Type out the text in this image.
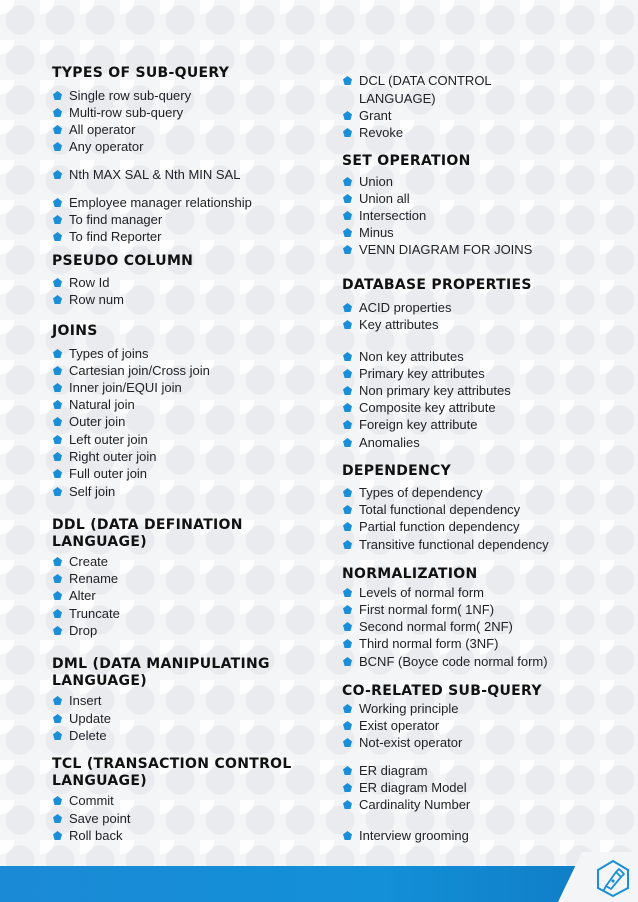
TYPES OF SUB-QUERY
Single row sub-query
Multi-row sub-query
All operator
Any operator
Nth MAX SAL & Nth MIN SAL
Employee manager relationship
To find manager
To find Reporter
PSEUDO COLUMN
Row Id
Row num
JOINS
Types of joins
Cartesian join/Cross join
Inner join/EQUI join
Natural join
Outer join
Left outer join
Right outer join
Full outer join
Self join
DDL (DATA DEFINATION
LANGUAGE)
Create
Rename
Alter
Truncate
Drop
DML (DATA MANIPULATING
LANGUAGE)
Insert
Update
Delete
TCL (TRANSACTION CONTROL
LANGUAGE)
Commit
Save point
Roll back
DCL (DATA CONTROL
LANGUAGE)
Grant
Revoke
SET OPERATION
Union
Union all
Intersection
Minus
VENN DIAGRAM FOR JOINS
DATABASE PROPERTIES
ACID properties
Key attributes
Non key attributes
Primary key attributes
Non primary key attributes
Composite key attribute
Foreign key attribute
Anomalies
DEPENDENCY
Types of dependency
Total functional dependency
Partial function dependency
Transitive functional dependency
NORMALIZATION
Levels of normal form
First normal form( 1NF)
Second normal form( 2NF)
Third normal form (3NF)
BCNF (Boyce code normal form)
CO-RELATED SUB-QUERY
Working principle
Exist operator
Not-exist operator
ER diagram
ER diagram Model
Cardinality Number
Interview grooming
